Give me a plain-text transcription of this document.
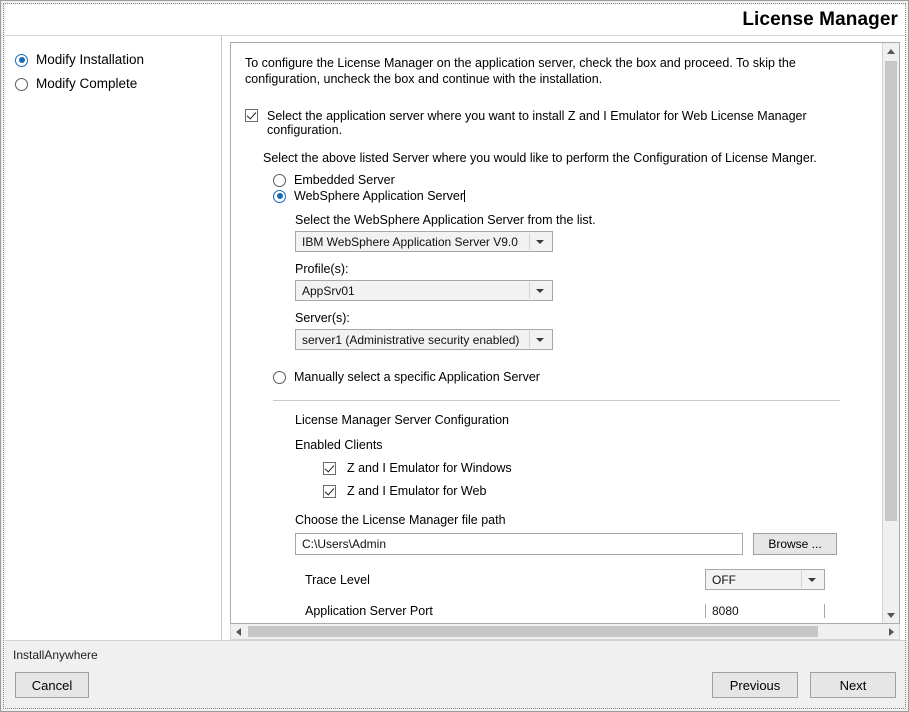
License Manager
Modify Installation
Modify Complete

To configure the License Manager on the application server, check the box and proceed. To skip the configuration, uncheck the box and continue with the installation.

Select the application server where you want to install Z and I Emulator for Web License Manager configuration.
Select the above listed Server where you would like to perform the Configuration of License Manger.
Embedded Server
WebSphere Application Server
Select the WebSphere Application Server from the list.
IBM WebSphere Application Server V9.0
Profile(s):
AppSrv01
Server(s):
server1 (Administrative security enabled)
Manually select a specific Application Server
License Manager Server Configuration
Enabled Clients
Z and I Emulator for Windows
Z and I Emulator for Web
Choose the License Manager file path
C:\Users\Admin	Browse ...
Trace Level	OFF
Application Server Port	8080
InstallAnywhere
Cancel	Previous	Next
